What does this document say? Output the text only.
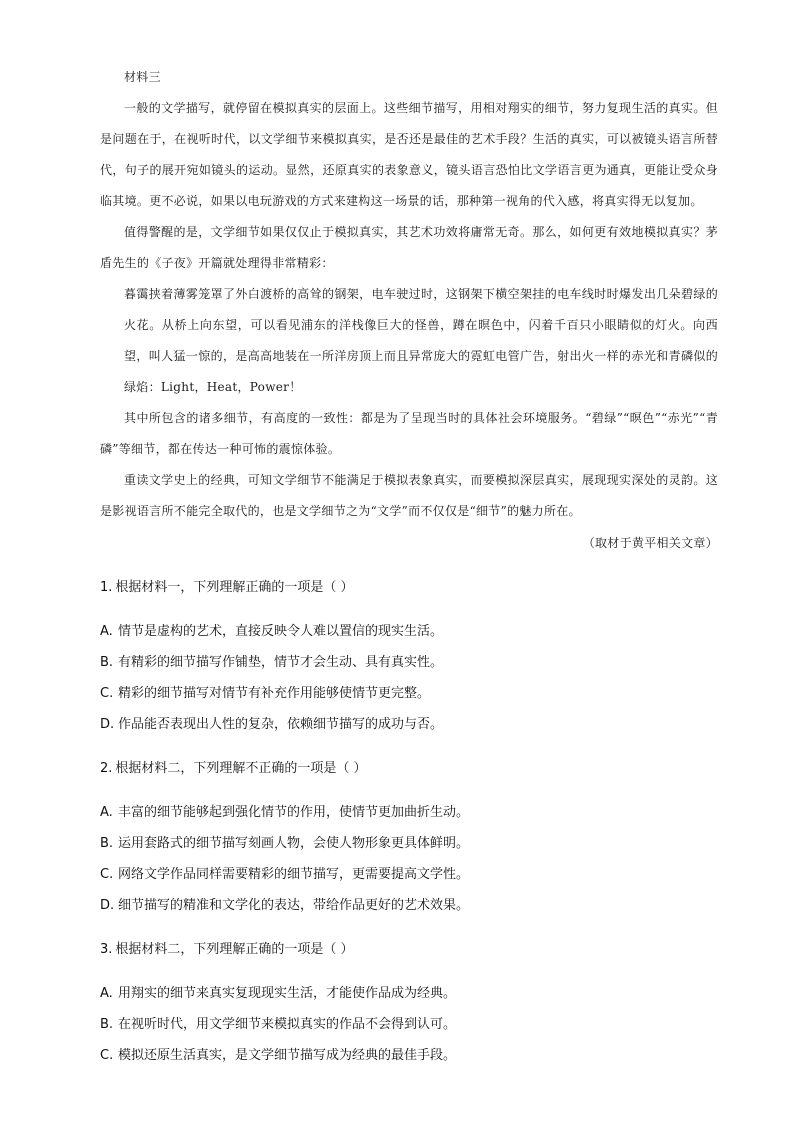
材料三

一般的文学描写，就停留在模拟真实的层面上。这些细节描写，用相对翔实的细节，努力复现生活的真实。但是问题在于，在视听时代，以文学细节来模拟真实，是否还是最佳的艺术手段？生活的真实，可以被镜头语言所替代，句子的展开宛如镜头的运动。显然，还原真实的表象意义，镜头语言恐怕比文学语言更为通真，更能让受众身临其境。更不必说，如果以电玩游戏的方式来建构这一场景的话，那种第一视角的代入感，将真实得无以复加。

值得警醒的是，文学细节如果仅仅止于模拟真实，其艺术功效将庸常无奇。那么，如何更有效地模拟真实？茅盾先生的《子夜》开篇就处理得非常精彩：

暮霭挟着薄雾笼罩了外白渡桥的高耸的钢架，电车驶过时，这钢架下横空架挂的电车线时时爆发出几朵碧绿的火花。从桥上向东望，可以看见浦东的洋栈像巨大的怪兽，蹲在暝色中，闪着千百只小眼睛似的灯火。向西望，叫人猛一惊的，是高高地装在一所洋房顶上而且异常庞大的霓虹电管广告，射出火一样的赤光和青磷似的绿焰：Light，Heat，Power！

其中所包含的诸多细节，有高度的一致性：都是为了呈现当时的具体社会环境服务。“碧绿”“暝色”“赤光”“青磷”等细节，都在传达一种可怖的震惊体验。

重读文学史上的经典，可知文学细节不能满足于模拟表象真实，而要模拟深层真实，展现现实深处的灵韵。这是影视语言所不能完全取代的，也是文学细节之为“文学”而不仅仅是“细节”的魅力所在。

（取材于黄平相关文章）

1. 根据材料一，下列理解正确的一项是（ ）

A. 情节是虚构的艺术，直接反映令人难以置信的现实生活。

B. 有精彩的细节描写作铺垫，情节才会生动、具有真实性。

C. 精彩的细节描写对情节有补充作用能够使情节更完整。

D. 作品能否表现出人性的复杂，依赖细节描写的成功与否。

2. 根据材料二，下列理解不正确的一项是（ ）

A. 丰富的细节能够起到强化情节的作用，使情节更加曲折生动。

B. 运用套路式的细节描写刻画人物，会使人物形象更具体鲜明。

C. 网络文学作品同样需要精彩的细节描写，更需要提高文学性。

D. 细节描写的精准和文学化的表达，带给作品更好的艺术效果。

3. 根据材料二，下列理解正确的一项是（ ）

A. 用翔实的细节来真实复现现实生活，才能使作品成为经典。

B. 在视听时代，用文学细节来模拟真实的作品不会得到认可。

C. 模拟还原生活真实，是文学细节描写成为经典的最佳手段。
